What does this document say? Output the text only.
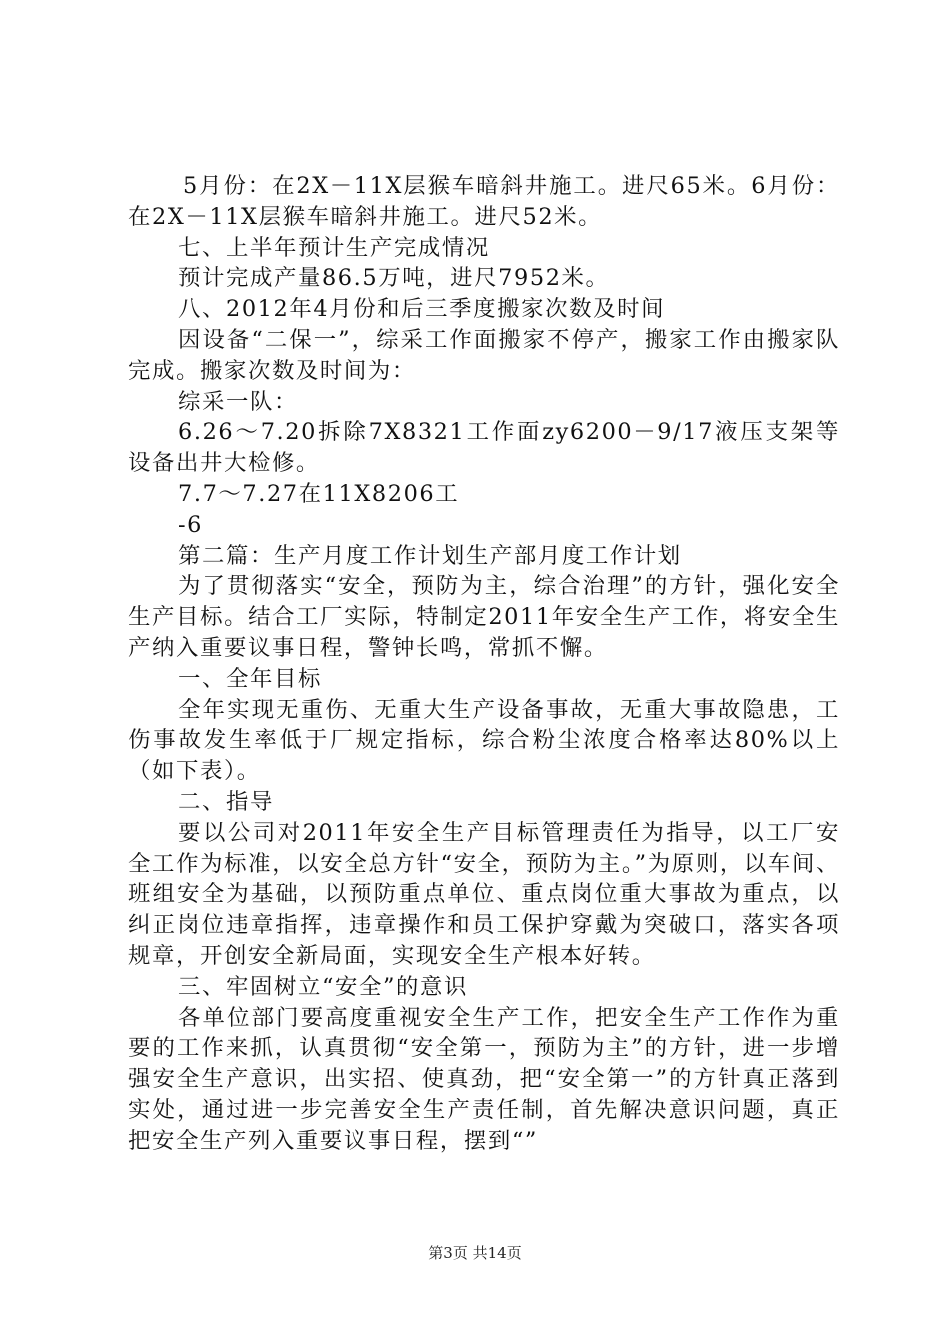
5月份：在2X－11X层猴车暗斜井施工。进尺65米。6月份：在2X－11X层猴车暗斜井施工。进尺52米。

七、上半年预计生产完成情况

预计完成产量86.5万吨，进尺7952米。

八、2012年4月份和后三季度搬家次数及时间

因设备“二保一”，综采工作面搬家不停产，搬家工作由搬家队完成。搬家次数及时间为：

综采一队：

6.26～7.20拆除7X8321工作面zy6200－9/17液压支架等设备出井大检修。

7.7～7.27在11X8206工

-6

第二篇：生产月度工作计划生产部月度工作计划

为了贯彻落实“安全，预防为主，综合治理”的方针，强化安全生产目标。结合工厂实际，特制定2011年安全生产工作，将安全生产纳入重要议事日程，警钟长鸣，常抓不懈。

一、全年目标

全年实现无重伤、无重大生产设备事故，无重大事故隐患，工伤事故发生率低于厂规定指标，综合粉尘浓度合格率达80%以上（如下表）。

二、指导

要以公司对2011年安全生产目标管理责任为指导，以工厂安全工作为标准，以安全总方针“安全，预防为主。”为原则，以车间、班组安全为基础，以预防重点单位、重点岗位重大事故为重点，以纠正岗位违章指挥，违章操作和员工保护穿戴为突破口，落实各项规章，开创安全新局面，实现安全生产根本好转。

三、牢固树立“安全”的意识

各单位部门要高度重视安全生产工作，把安全生产工作作为重要的工作来抓，认真贯彻“安全第一，预防为主”的方针，进一步增强安全生产意识，出实招、使真劲，把“安全第一”的方针真正落到实处，通过进一步完善安全生产责任制，首先解决意识问题，真正把安全生产列入重要议事日程，摆到“”

第3页 共14页
